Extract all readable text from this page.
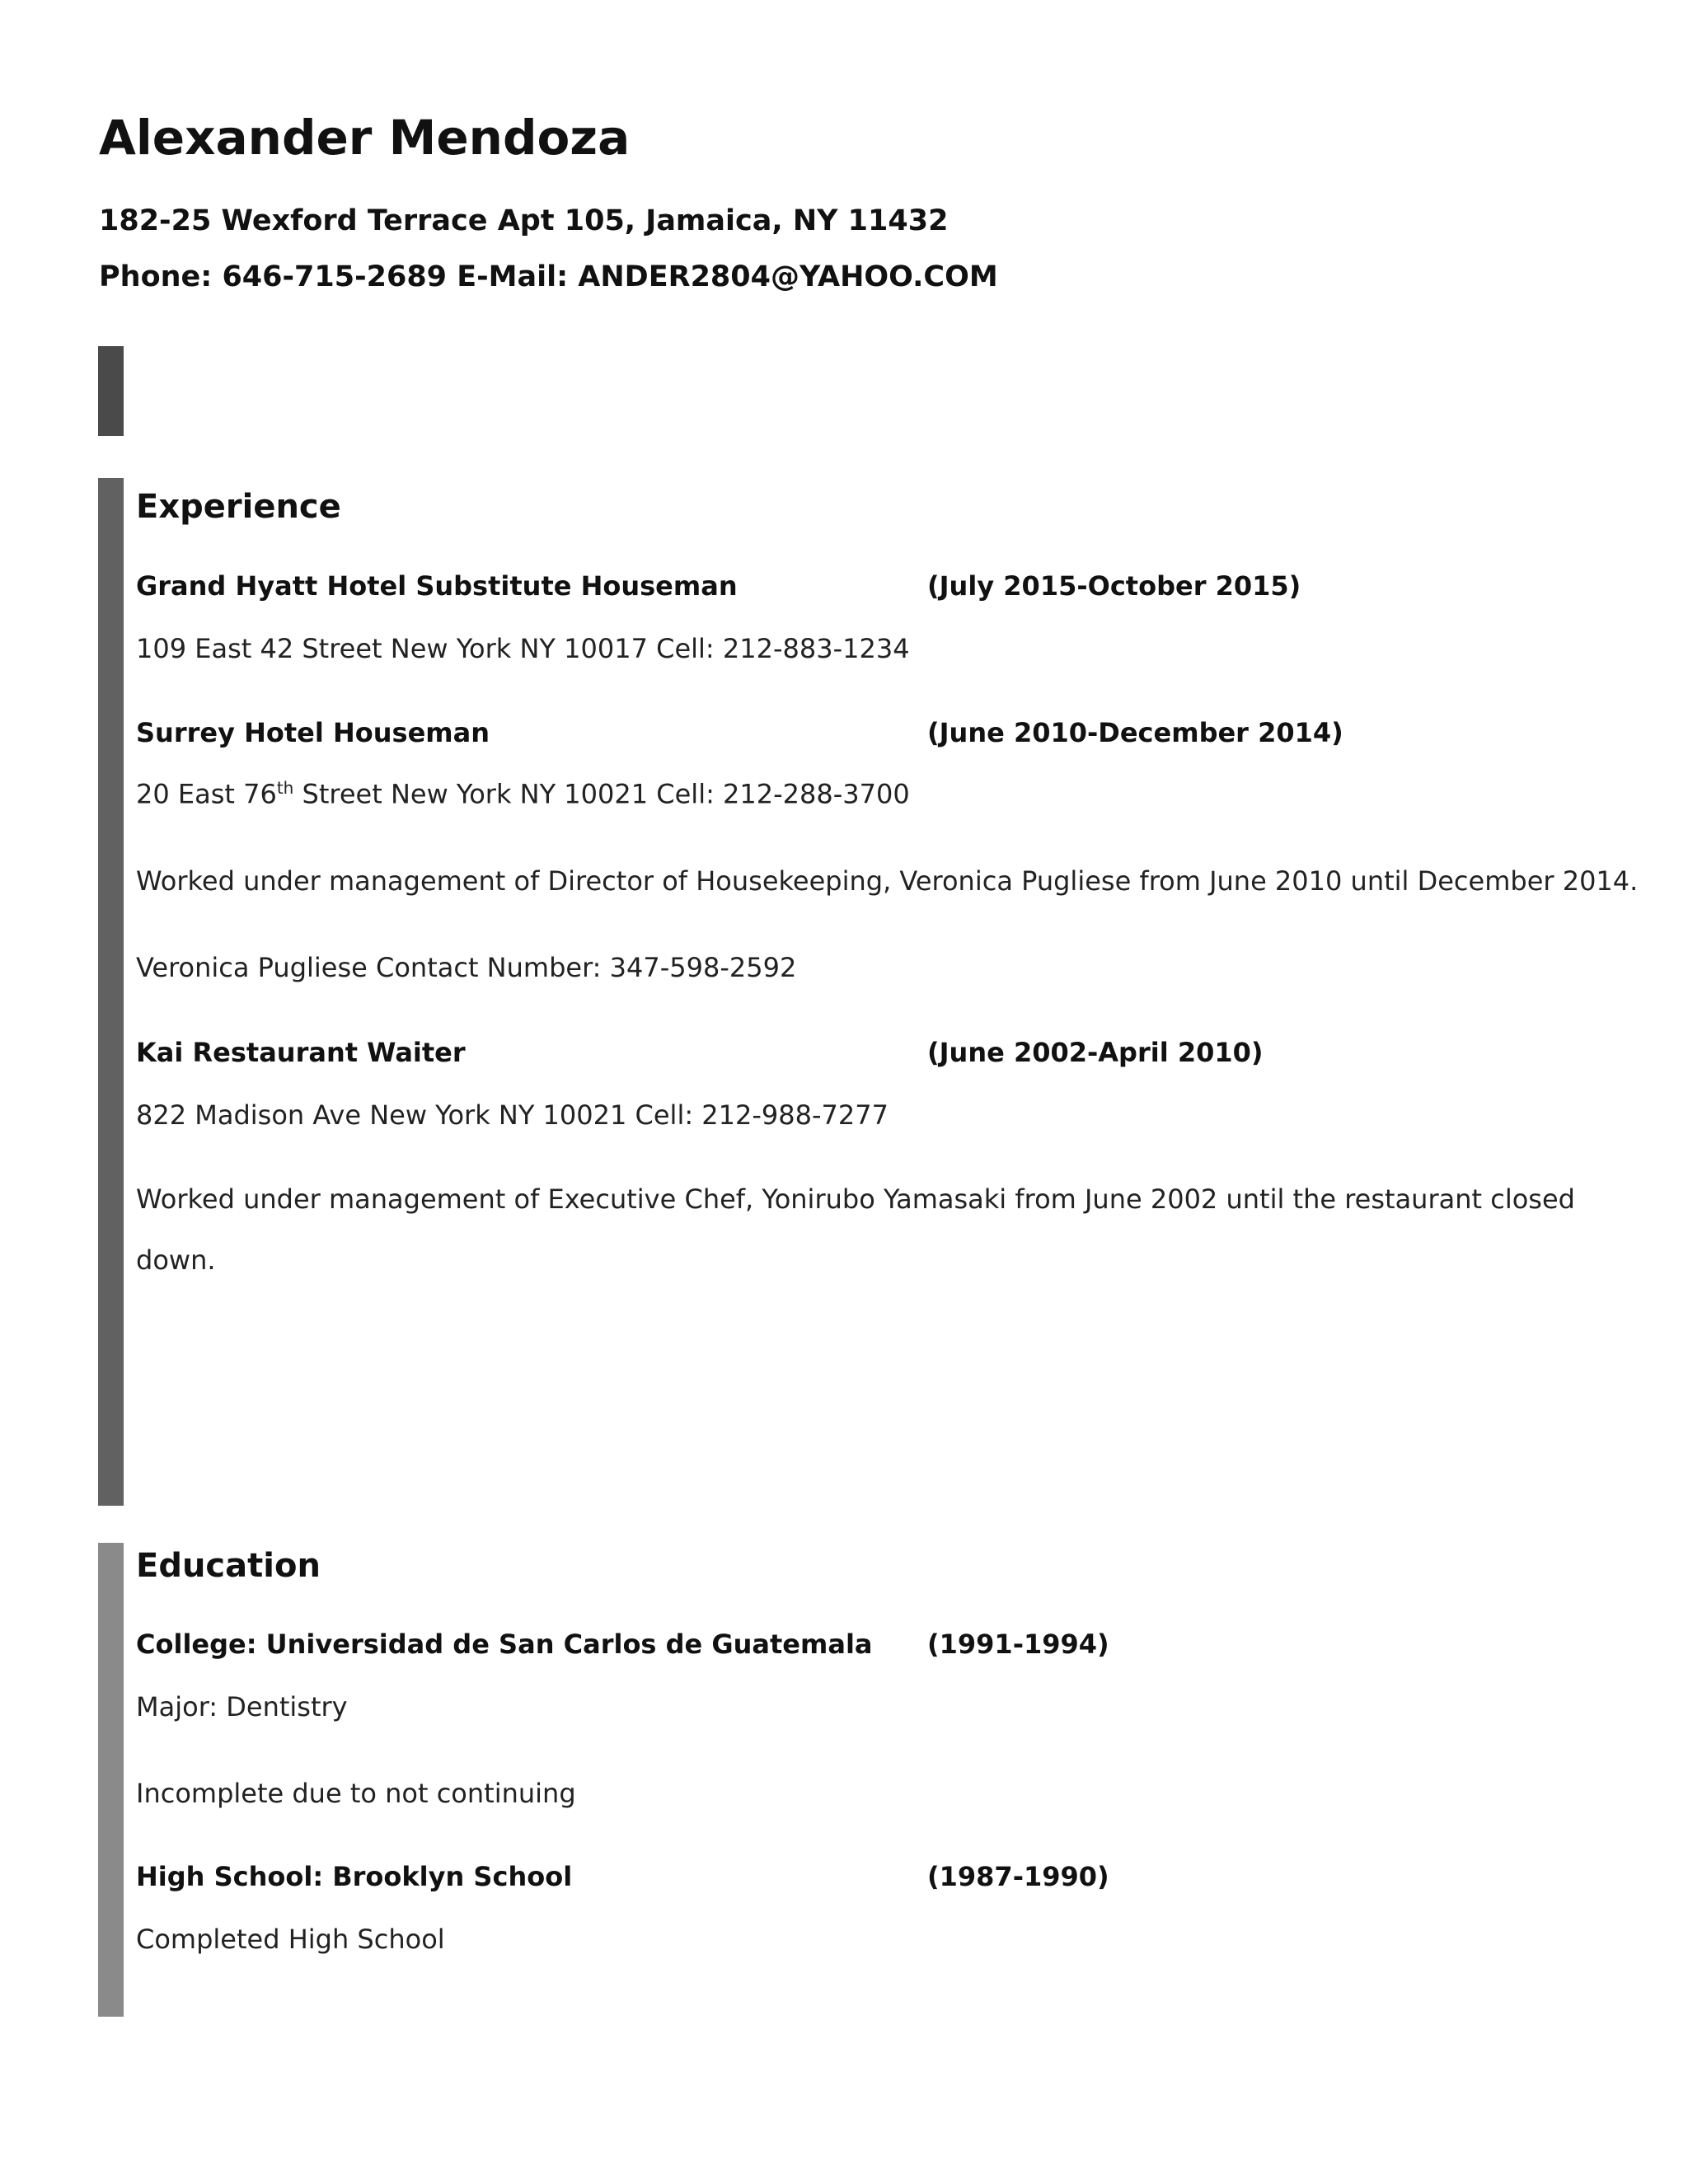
Alexander Mendoza
182-25 Wexford Terrace Apt 105, Jamaica, NY 11432
Phone: 646-715-2689 E-Mail: ANDER2804@YAHOO.COM
Experience
Grand Hyatt Hotel Substitute Houseman	(July 2015-October 2015)
109 East 42 Street New York NY 10017 Cell: 212-883-1234
Surrey Hotel Houseman	(June 2010-December 2014)
20 East 76th Street New York NY 10021 Cell: 212-288-3700
Worked under management of Director of Housekeeping, Veronica Pugliese from June 2010 until December 2014.
Veronica Pugliese Contact Number: 347-598-2592
Kai Restaurant Waiter	(June 2002-April 2010)
822 Madison Ave New York NY 10021 Cell: 212-988-7277
Worked under management of Executive Chef, Yonirubo Yamasaki from June 2002 until the restaurant closed down.
Education
College: Universidad de San Carlos de Guatemala (1991-1994)
Major: Dentistry
Incomplete due to not continuing
High School: Brooklyn School	(1987-1990)
Completed High School
